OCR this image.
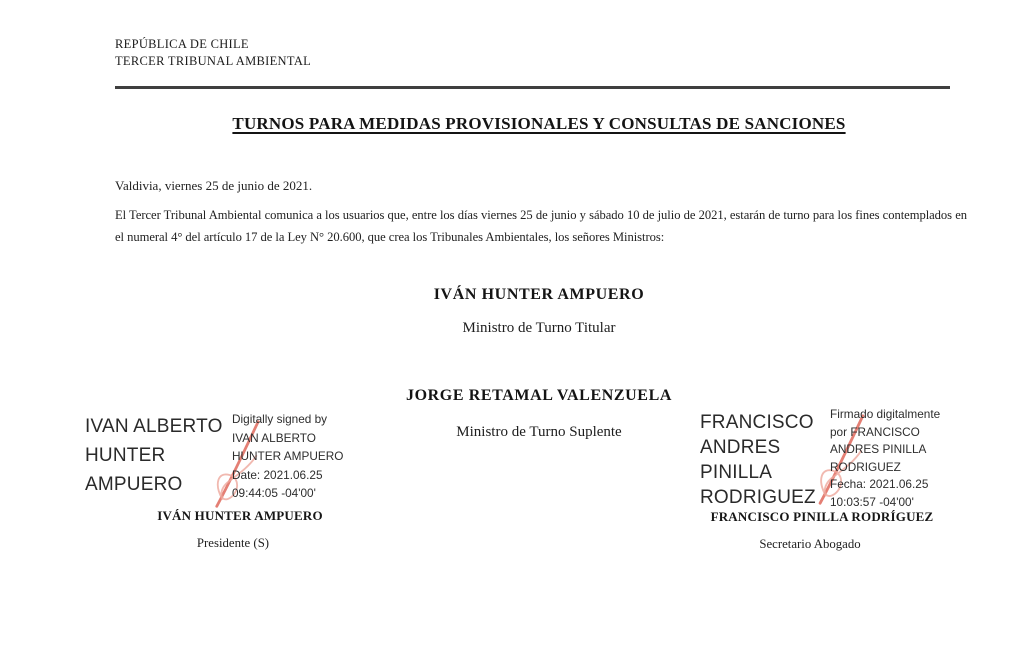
REPÚBLICA DE CHILE
TERCER TRIBUNAL AMBIENTAL
TURNOS PARA MEDIDAS PROVISIONALES Y CONSULTAS DE SANCIONES
Valdivia, viernes 25 de junio de 2021.
El Tercer Tribunal Ambiental comunica a los usuarios que, entre los días viernes 25 de junio y sábado 10 de julio de 2021, estarán de turno para los fines contemplados en el numeral 4° del artículo 17 de la Ley N° 20.600, que crea los Tribunales Ambientales, los señores Ministros:
IVÁN HUNTER AMPUERO
Ministro de Turno Titular
JORGE RETAMAL VALENZUELA
Ministro de Turno Suplente
IVAN ALBERTO
HUNTER
AMPUERO
Digitally signed by
IVAN ALBERTO
HUNTER AMPUERO
Date: 2021.06.25
09:44:05 -04'00'
IVÁN HUNTER AMPUERO
Presidente (S)
FRANCISCO
ANDRES
PINILLA
RODRIGUEZ
Firmado digitalmente
por FRANCISCO
ANDRES PINILLA
RODRIGUEZ
Fecha: 2021.06.25
10:03:57 -04'00'
FRANCISCO PINILLA RODRÍGUEZ
Secretario Abogado
